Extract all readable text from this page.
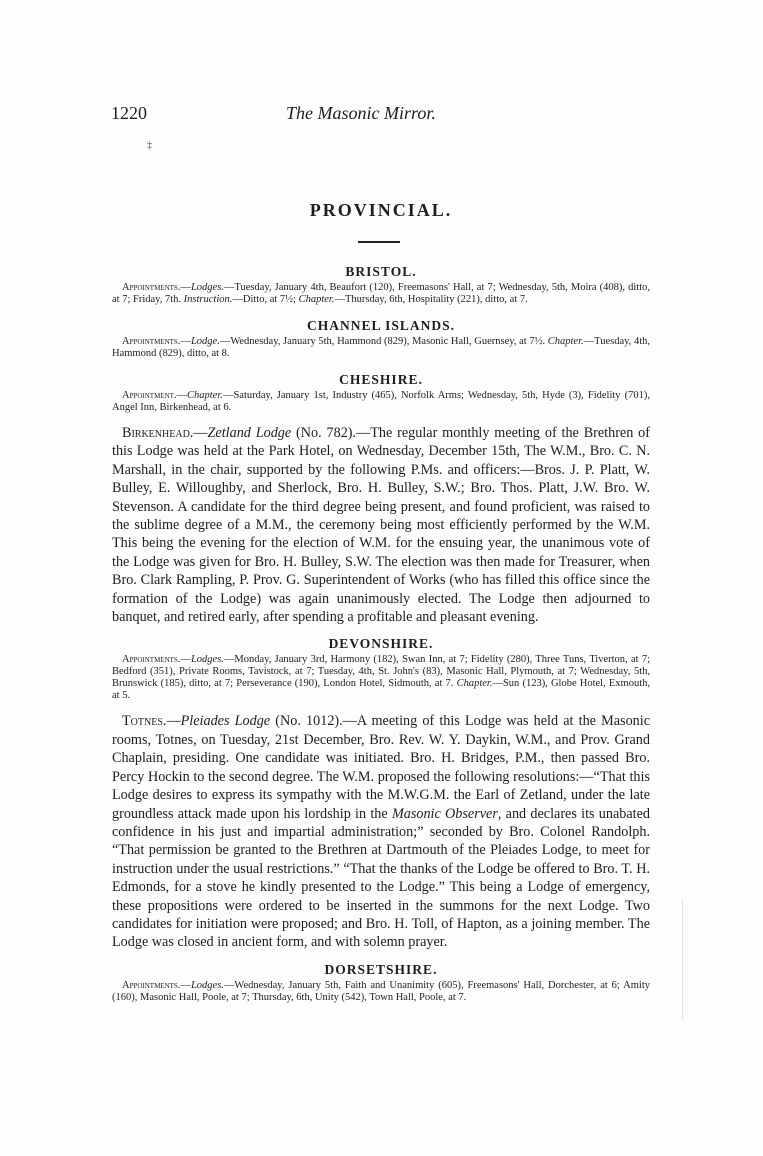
1220	The Masonic Mirror.
‡
PROVINCIAL.
BRISTOL.

Appointments.—Lodges.—Tuesday, January 4th, Beaufort (120), Freemasons' Hall, at 7; Wednesday, 5th, Moira (408), ditto, at 7; Friday, 7th. Instruction.—Ditto, at 7½; Chapter.—Thursday, 6th, Hospitality (221), ditto, at 7.

CHANNEL ISLANDS.

Appointments.—Lodge.—Wednesday, January 5th, Hammond (829), Masonic Hall, Guernsey, at 7½. Chapter.—Tuesday, 4th, Hammond (829), ditto, at 8.

CHESHIRE.

Appointment.—Chapter.—Saturday, January 1st, Industry (465), Norfolk Arms; Wednesday, 5th, Hyde (3), Fidelity (701), Angel Inn, Birkenhead, at 6.

Birkenhead.—Zetland Lodge (No. 782).—The regular monthly meeting of the Brethren of this Lodge was held at the Park Hotel, on Wednesday, December 15th, The W.M., Bro. C. N. Marshall, in the chair, supported by the following P.Ms. and officers:—Bros. J. P. Platt, W. Bulley, E. Willoughby, and Sherlock, Bro. H. Bulley, S.W.; Bro. Thos. Platt, J.W. Bro. W. Stevenson. A candidate for the third degree being present, and found proficient, was raised to the sublime degree of a M.M., the ceremony being most efficiently performed by the W.M. This being the evening for the election of W.M. for the ensuing year, the unanimous vote of the Lodge was given for Bro. H. Bulley, S.W. The election was then made for Treasurer, when Bro. Clark Rampling, P. Prov. G. Superintendent of Works (who has filled this office since the formation of the Lodge) was again unanimously elected. The Lodge then adjourned to banquet, and retired early, after spending a profitable and pleasant evening.

DEVONSHIRE.

Appointments.—Lodges.—Monday, January 3rd, Harmony (182), Swan Inn, at 7; Fidelity (280), Three Tuns, Tiverton, at 7; Bedford (351), Private Rooms, Tavistock, at 7; Tuesday, 4th, St. John's (83), Masonic Hall, Plymouth, at 7; Wednesday, 5th, Brunswick (185), ditto, at 7; Perseverance (190), London Hotel, Sidmouth, at 7. Chapter.—Sun (123), Globe Hotel, Exmouth, at 5.

Totnes.—Pleiades Lodge (No. 1012).—A meeting of this Lodge was held at the Masonic rooms, Totnes, on Tuesday, 21st December, Bro. Rev. W. Y. Daykin, W.M., and Prov. Grand Chaplain, presiding. One candidate was initiated. Bro. H. Bridges, P.M., then passed Bro. Percy Hockin to the second degree. The W.M. proposed the following resolutions:—“That this Lodge desires to express its sympathy with the M.W.G.M. the Earl of Zetland, under the late groundless attack made upon his lordship in the Masonic Observer, and declares its unabated confidence in his just and impartial administration;” seconded by Bro. Colonel Randolph. “That permission be granted to the Brethren at Dartmouth of the Pleiades Lodge, to meet for instruction under the usual restrictions.” “That the thanks of the Lodge be offered to Bro. T. H. Edmonds, for a stove he kindly presented to the Lodge.” This being a Lodge of emergency, these propositions were ordered to be inserted in the summons for the next Lodge. Two candidates for initiation were proposed; and Bro. H. Toll, of Hapton, as a joining member. The Lodge was closed in ancient form, and with solemn prayer.

DORSETSHIRE.

Appointments.—Lodges.—Wednesday, January 5th, Faith and Unanimity (605), Freemasons' Hall, Dorchester, at 6; Amity (160), Masonic Hall, Poole, at 7; Thursday, 6th, Unity (542), Town Hall, Poole, at 7.
